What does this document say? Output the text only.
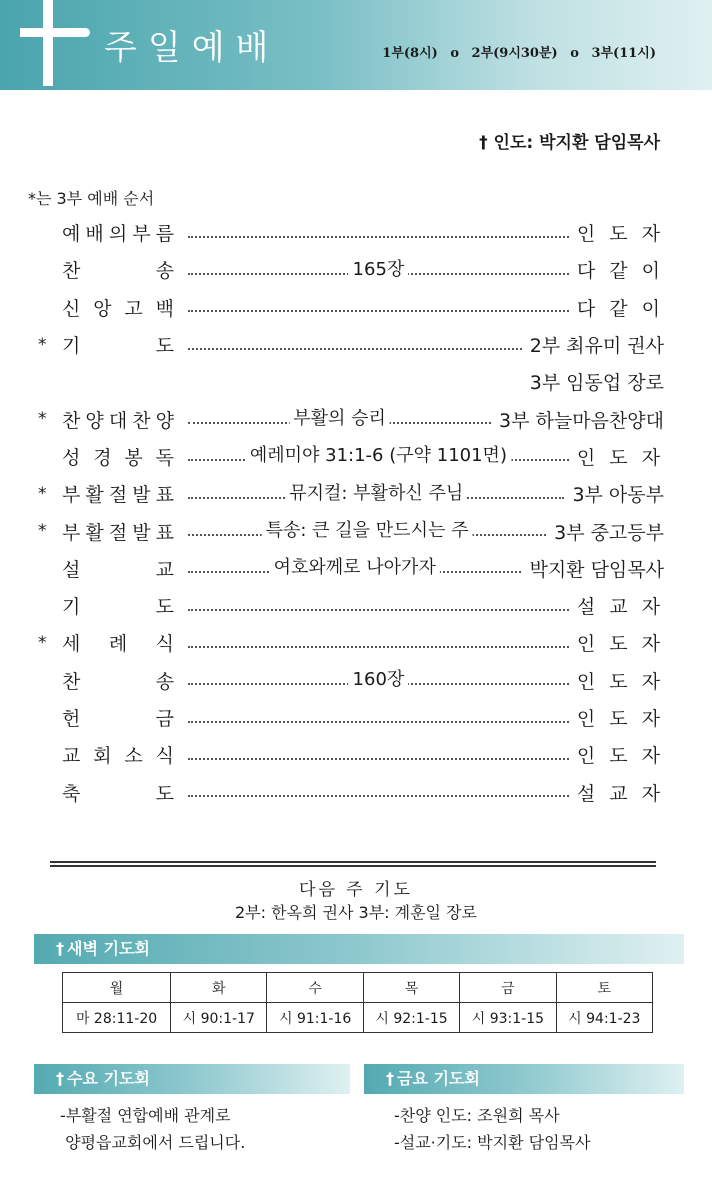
주일예배	1부(8시) o 2부(9시30분) o 3부(11시)
† 인도: 박지환 담임목사
*는 3부 예배 순서
예 배 의 부 름	인 도 자
찬	송	165장	다 같 이
신 앙 고 백	다 같 이
* 기	도	2부 최유미 권사
3부 임동업 장로
* 찬 양 대 찬 양	부활의 승리	3부 하늘마음찬양대
성 경 봉 독	예레미야 31:1-6 (구약 1101면)	인 도 자
* 부 활 절 발 표	뮤지컬: 부활하신 주님	3부 아동부
* 부 활 절 발 표	특송: 큰 길을 만드시는 주	3부 중고등부
설	교	여호와께로 나아가자	박지환 담임목사
기	도	설 교 자
* 세 례 식	인 도 자
찬	송	160장	인 도 자
헌	금	인 도 자
교 회 소 식	인 도 자
축	도	설 교 자
다음 주 기도
2부: 한옥희 권사 3부: 계훈일 장로
† 새벽 기도회
월	화	수	목	금	토
마 28:11-20	시 90:1-17	시 91:1-16	시 92:1-15	시 93:1-15	시 94:1-23
† 수요 기도회
-부활절 연합예배 관계로
양평읍교회에서 드립니다.
† 금요 기도회
-찬양 인도: 조원희 목사
-설교·기도: 박지환 담임목사
